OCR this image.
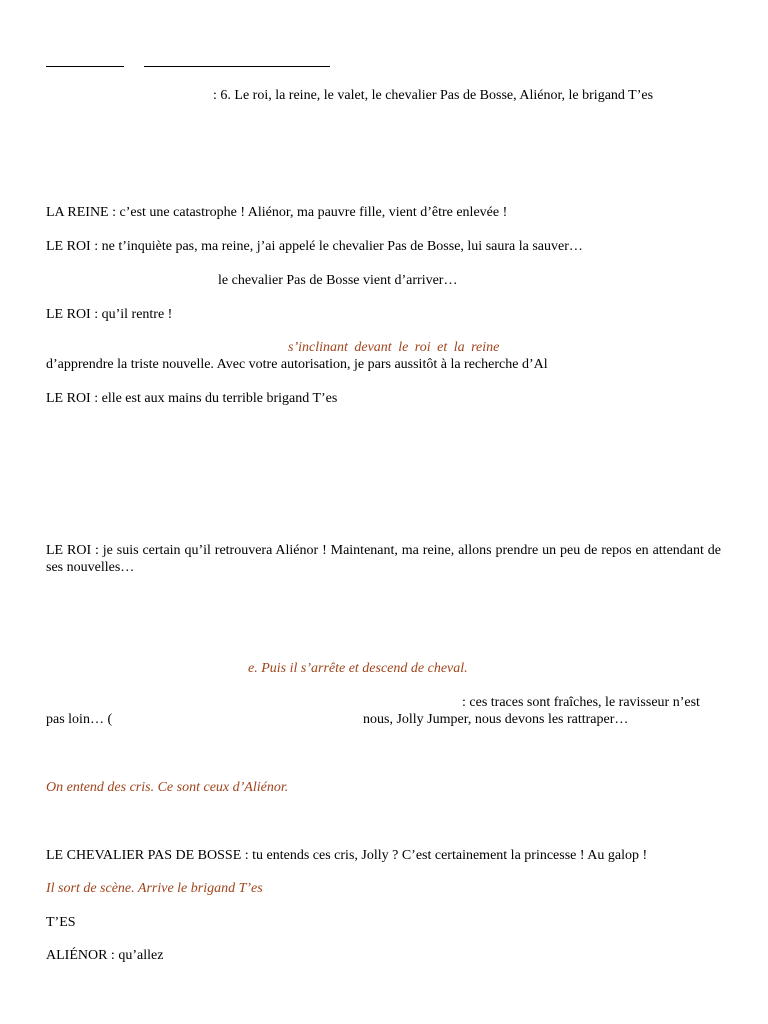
: 6. Le roi, la reine, le valet, le chevalier Pas de Bosse, Aliénor, le brigand T’es
LA REINE : c’est une catastrophe ! Aliénor, ma pauvre fille, vient d’être enlevée !
LE ROI : ne t’inquiète pas, ma reine, j’ai appelé le chevalier Pas de Bosse, lui saura la sauver…
le chevalier Pas de Bosse vient d’arriver…
LE ROI : qu’il rentre !
s’inclinant devant le roi et la reine
d’apprendre la triste nouvelle. Avec votre autorisation, je pars aussitôt à la recherche d’Al
LE ROI : elle est aux mains du terrible brigand T’es
LE ROI : je suis certain qu’il retrouvera Aliénor ! Maintenant, ma reine, allons prendre un peu de repos en attendant de ses nouvelles…
e. Puis il s’arrête et descend de cheval.
: ces traces sont fraîches, le ravisseur n’est
pas loin… (	nous, Jolly Jumper, nous devons les rattraper…
On entend des cris. Ce sont ceux d’Aliénor.
LE CHEVALIER PAS DE BOSSE : tu entends ces cris, Jolly ? C’est certainement la princesse ! Au galop !
Il sort de scène. Arrive le brigand T’es
T’ES
ALIÉNOR : qu’allez
